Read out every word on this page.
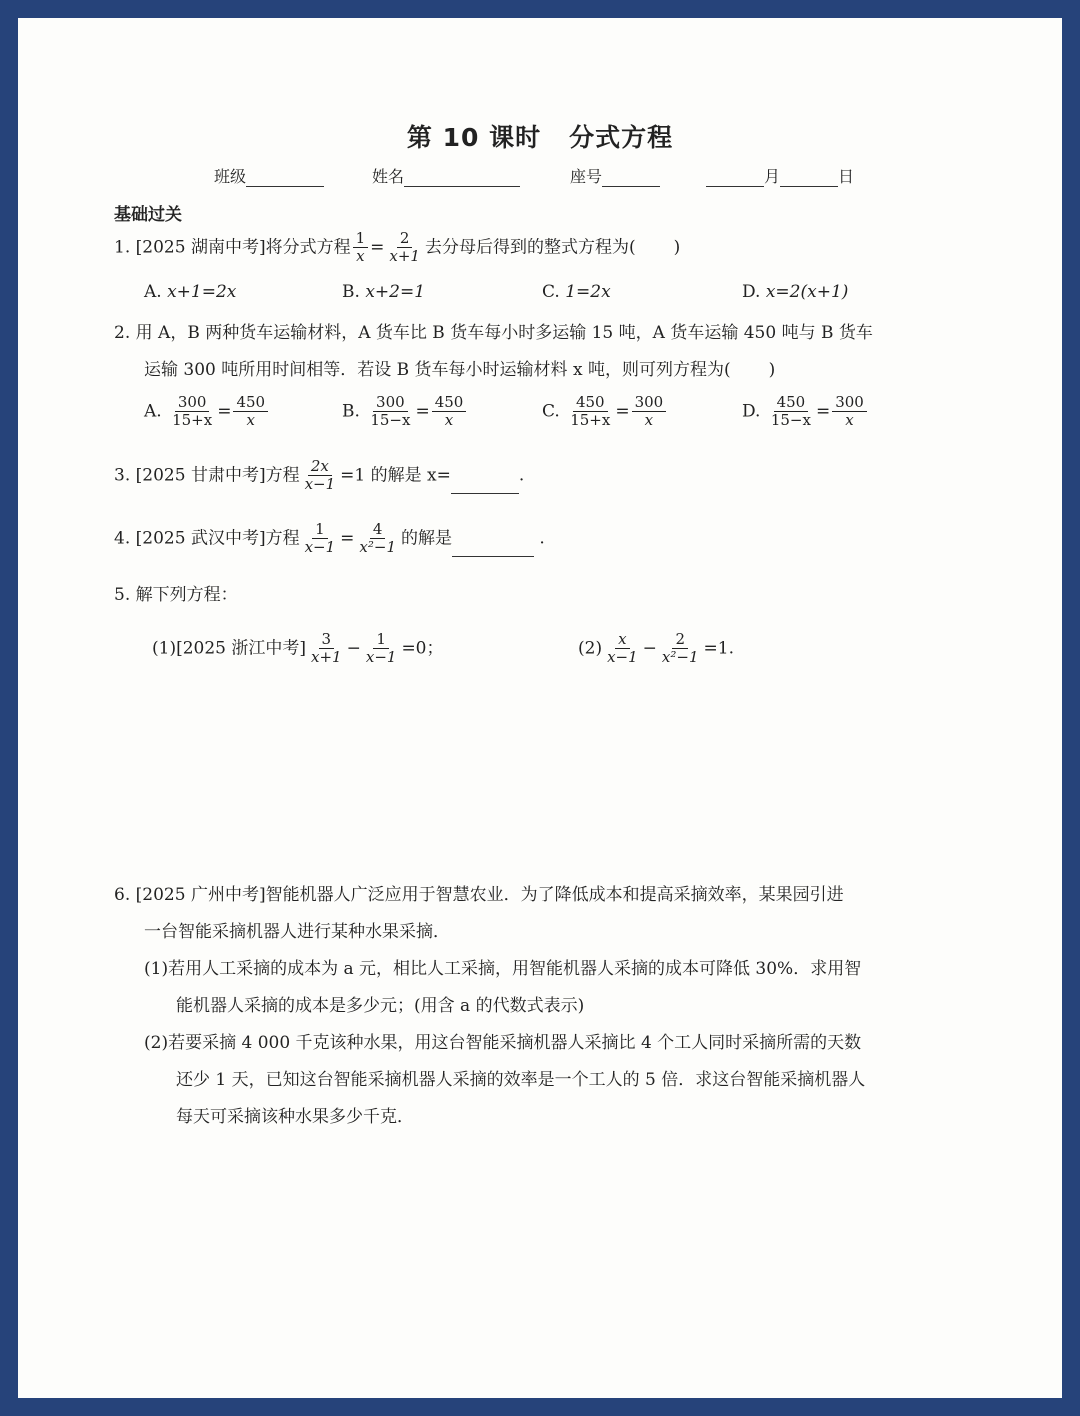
第 10 课时 分式方程
班级	姓名	座号	月	日
基础过关
1. [2025 湖南中考]将分式方程 $\frac{1}{x} = \frac{2}{x+1}$ 去分母后得到的整式方程为( )
A. x+1=2x	B. x+2=1	C. 1=2x	D. x=2(x+1)
2. 用 A，B 两种货车运输材料，A 货车比 B 货车每小时多运输 15 吨，A 货车运输 450 吨与 B 货车
运输 300 吨所用时间相等．若设 B 货车每小时运输材料 x 吨，则可列方程为( )
A. $\frac{300}{15+x} = \frac{450}{x}$	B. $\frac{300}{15-x} = \frac{450}{x}$	C. $\frac{450}{15+x} = \frac{300}{x}$	D. $\frac{450}{15-x} = \frac{300}{x}$
3. [2025 甘肃中考]方程 $\frac{2x}{x-1} =1$ 的解是 x=	.
4. [2025 武汉中考]方程 $\frac{1}{x-1} = \frac{4}{\text{x²−1}}$ 的解是	.
5. 解下列方程：
(1)[2025 浙江中考] $\frac{3}{x+1} - \frac{1}{x-1} =0$；	$(2) \frac{x}{x-1} - \frac{2}{\text{x²−1}} =1$.
6. [2025 广州中考]智能机器人广泛应用于智慧农业．为了降低成本和提高采摘效率，某果园引进
一台智能采摘机器人进行某种水果采摘．
(1)若用人工采摘的成本为 a 元，相比人工采摘，用智能机器人采摘的成本可降低 30%．求用智
能机器人采摘的成本是多少元；(用含 a 的代数式表示)
(2)若要采摘 4 000 千克该种水果，用这台智能采摘机器人采摘比 4 个工人同时采摘所需的天数
还少 1 天，已知这台智能采摘机器人采摘的效率是一个工人的 5 倍．求这台智能采摘机器人
每天可采摘该种水果多少千克．
